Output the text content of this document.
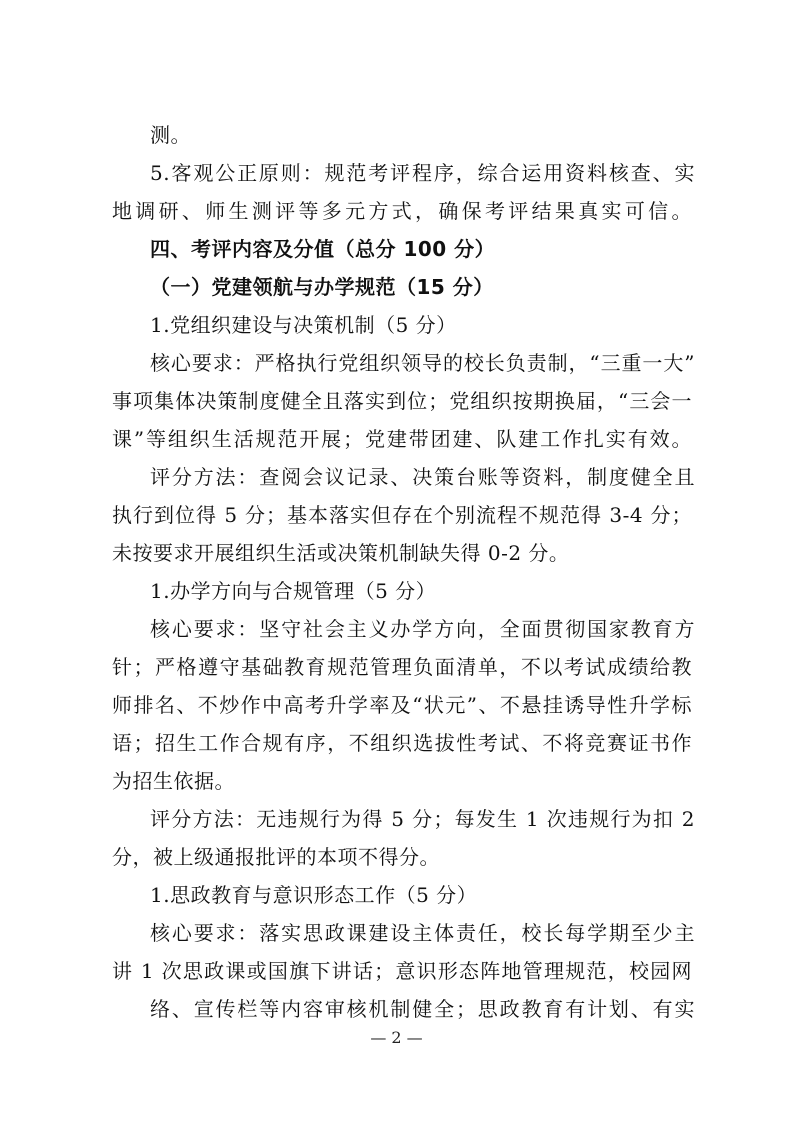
测。
5.客观公正原则：规范考评程序，综合运用资料核查、实
地调研、师生测评等多元方式，确保考评结果真实可信。
四、考评内容及分值（总分 100 分）
（一）党建领航与办学规范（15 分）
1.党组织建设与决策机制（5 分）
核心要求：严格执行党组织领导的校长负责制，“三重一大”
事项集体决策制度健全且落实到位；党组织按期换届，“三会一
课”等组织生活规范开展；党建带团建、队建工作扎实有效。
评分方法：查阅会议记录、决策台账等资料，制度健全且
执行到位得 5 分；基本落实但存在个别流程不规范得 3-4 分；
未按要求开展组织生活或决策机制缺失得 0-2 分。
1.办学方向与合规管理（5 分）
核心要求：坚守社会主义办学方向，全面贯彻国家教育方
针；严格遵守基础教育规范管理负面清单，不以考试成绩给教
师排名、不炒作中高考升学率及“状元”、不悬挂诱导性升学标
语；招生工作合规有序，不组织选拔性考试、不将竞赛证书作
为招生依据。
评分方法：无违规行为得 5 分；每发生 1 次违规行为扣 2
分，被上级通报批评的本项不得分。
1.思政教育与意识形态工作（5 分）
核心要求：落实思政课建设主体责任，校长每学期至少主
讲 1 次思政课或国旗下讲话；意识形态阵地管理规范，校园网
络、宣传栏等内容审核机制健全；思政教育有计划、有实
— 2 —
